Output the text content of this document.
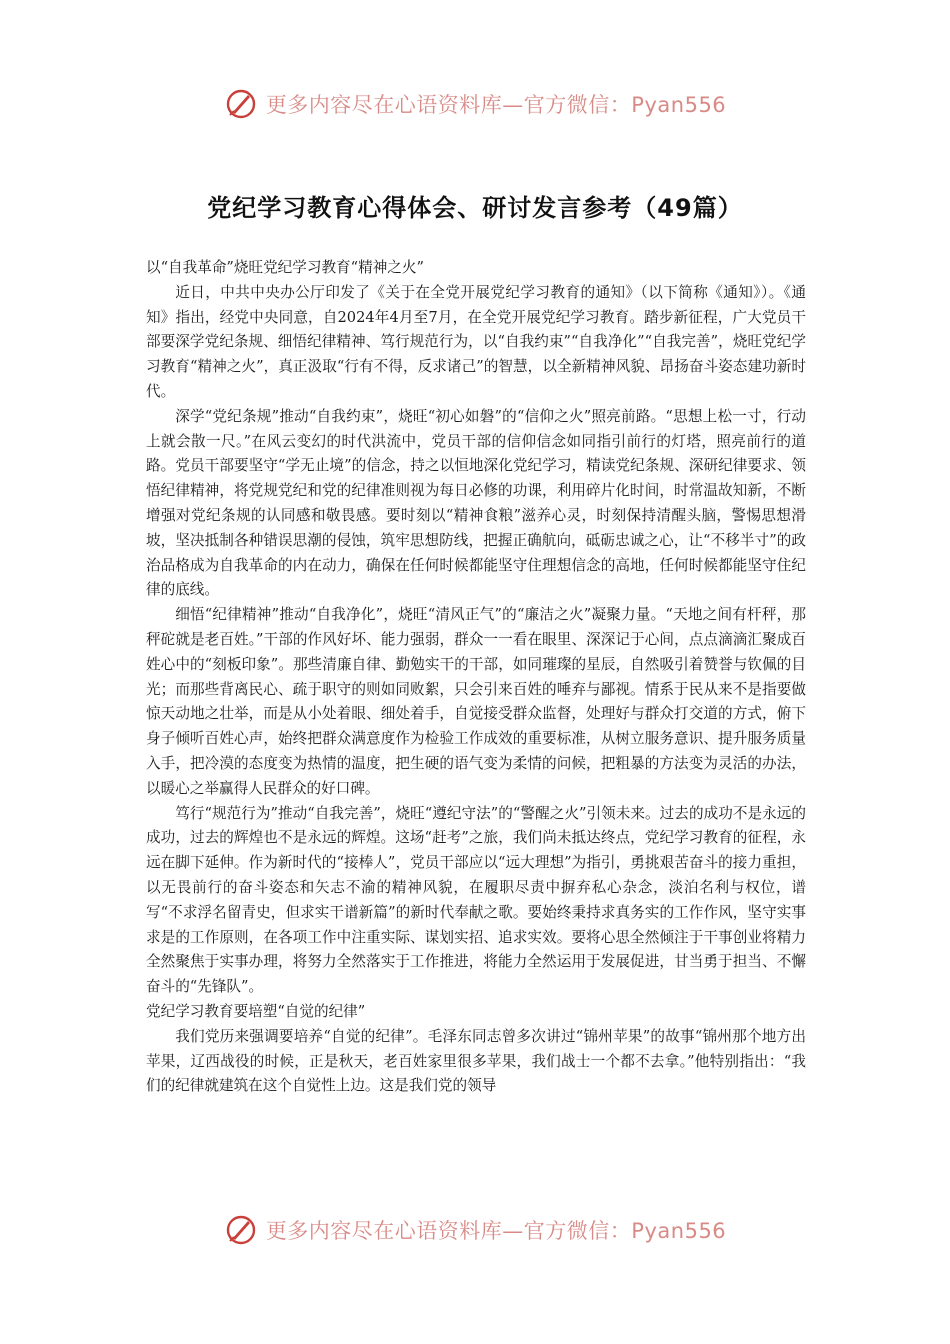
更多内容尽在心语资料库—官方微信：Pyan556
党纪学习教育心得体会、研讨发言参考（49篇）

以“自我革命”烧旺党纪学习教育“精神之火”

近日，中共中央办公厅印发了《关于在全党开展党纪学习教育的通知》（以下简称《通知》）。《通知》指出，经党中央同意，自2024年4月至7月，在全党开展党纪学习教育。踏步新征程，广大党员干部要深学党纪条规、细悟纪律精神、笃行规范行为，以“自我约束”“自我净化”“自我完善”，烧旺党纪学习教育“精神之火”，真正汲取“行有不得，反求诸己”的智慧，以全新精神风貌、昂扬奋斗姿态建功新时代。

深学“党纪条规”推动“自我约束”，烧旺“初心如磐”的“信仰之火”照亮前路。“思想上松一寸，行动上就会散一尺。”在风云变幻的时代洪流中，党员干部的信仰信念如同指引前行的灯塔，照亮前行的道路。党员干部要坚守“学无止境”的信念，持之以恒地深化党纪学习，精读党纪条规、深研纪律要求、领悟纪律精神，将党规党纪和党的纪律准则视为每日必修的功课，利用碎片化时间，时常温故知新，不断增强对党纪条规的认同感和敬畏感。要时刻以“精神食粮”滋养心灵，时刻保持清醒头脑，警惕思想滑坡，坚决抵制各种错误思潮的侵蚀，筑牢思想防线，把握正确航向，砥砺忠诚之心，让“不移半寸”的政治品格成为自我革命的内在动力，确保在任何时候都能坚守住理想信念的高地，任何时候都能坚守住纪律的底线。

细悟“纪律精神”推动“自我净化”，烧旺“清风正气”的“廉洁之火”凝聚力量。“天地之间有杆秤，那秤砣就是老百姓。”干部的作风好坏、能力强弱，群众一一看在眼里、深深记于心间，点点滴滴汇聚成百姓心中的“刻板印象”。那些清廉自律、勤勉实干的干部，如同璀璨的星辰，自然吸引着赞誉与钦佩的目光；而那些背离民心、疏于职守的则如同败絮，只会引来百姓的唾弃与鄙视。情系于民从来不是指要做惊天动地之壮举，而是从小处着眼、细处着手，自觉接受群众监督，处理好与群众打交道的方式，俯下身子倾听百姓心声，始终把群众满意度作为检验工作成效的重要标准，从树立服务意识、提升服务质量入手，把冷漠的态度变为热情的温度，把生硬的语气变为柔情的问候，把粗暴的方法变为灵活的办法，以暖心之举赢得人民群众的好口碑。

笃行“规范行为”推动“自我完善”，烧旺“遵纪守法”的“警醒之火”引领未来。过去的成功不是永远的成功，过去的辉煌也不是永远的辉煌。这场“赶考”之旅，我们尚未抵达终点，党纪学习教育的征程，永远在脚下延伸。作为新时代的“接棒人”，党员干部应以“远大理想”为指引，勇挑艰苦奋斗的接力重担，以无畏前行的奋斗姿态和矢志不渝的精神风貌，在履职尽责中摒弃私心杂念，淡泊名利与权位，谱写“不求浮名留青史，但求实干谱新篇”的新时代奉献之歌。要始终秉持求真务实的工作作风，坚守实事求是的工作原则，在各项工作中注重实际、谋划实招、追求实效。要将心思全然倾注于干事创业将精力全然聚焦于实事办理，将努力全然落实于工作推进，将能力全然运用于发展促进，甘当勇于担当、不懈奋斗的“先锋队”。

党纪学习教育要培塑“自觉的纪律”

我们党历来强调要培养“自觉的纪律”。毛泽东同志曾多次讲过“锦州苹果”的故事“锦州那个地方出苹果，辽西战役的时候，正是秋天，老百姓家里很多苹果，我们战士一个都不去拿。”他特别指出：“我们的纪律就建筑在这个自觉性上边。这是我们党的领导

更多内容尽在心语资料库—官方微信：Pyan556
